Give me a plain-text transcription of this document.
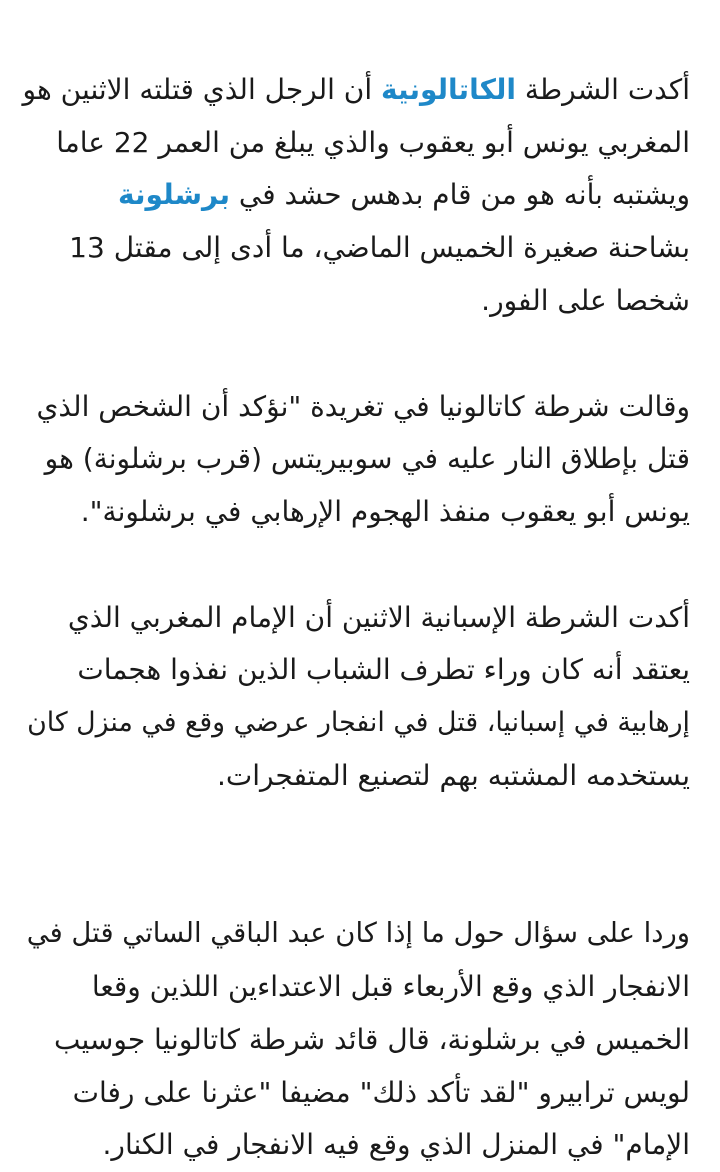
أكدت الشرطة الكاتالونية أن الرجل الذي قتلته الاثنين هو
المغربي يونس أبو يعقوب والذي يبلغ من العمر 22 عاما
ويشتبه بأنه هو من قام بدهس حشد في برشلونة
بشاحنة صغيرة الخميس الماضي، ما أدى إلى مقتل 13
شخصا على الفور.

وقالت شرطة كاتالونيا في تغريدة "نؤكد أن الشخص الذي
قتل بإطلاق النار عليه في سوبيريتس (قرب برشلونة) هو
يونس أبو يعقوب منفذ الهجوم الإرهابي في برشلونة".

أكدت الشرطة الإسبانية الاثنين أن الإمام المغربي الذي
يعتقد أنه كان وراء تطرف الشباب الذين نفذوا هجمات
إرهابية في إسبانيا، قتل في انفجار عرضي وقع في منزل كان
يستخدمه المشتبه بهم لتصنيع المتفجرات.

وردا على سؤال حول ما إذا كان عبد الباقي الساتي قتل في
الانفجار الذي وقع الأربعاء قبل الاعتداءين اللذين وقعا
الخميس في برشلونة، قال قائد شرطة كاتالونيا جوسيب
لويس ترابيرو "لقد تأكد ذلك" مضيفا "عثرنا على رفات
الإمام" في المنزل الذي وقع فيه الانفجار في الكنار.
